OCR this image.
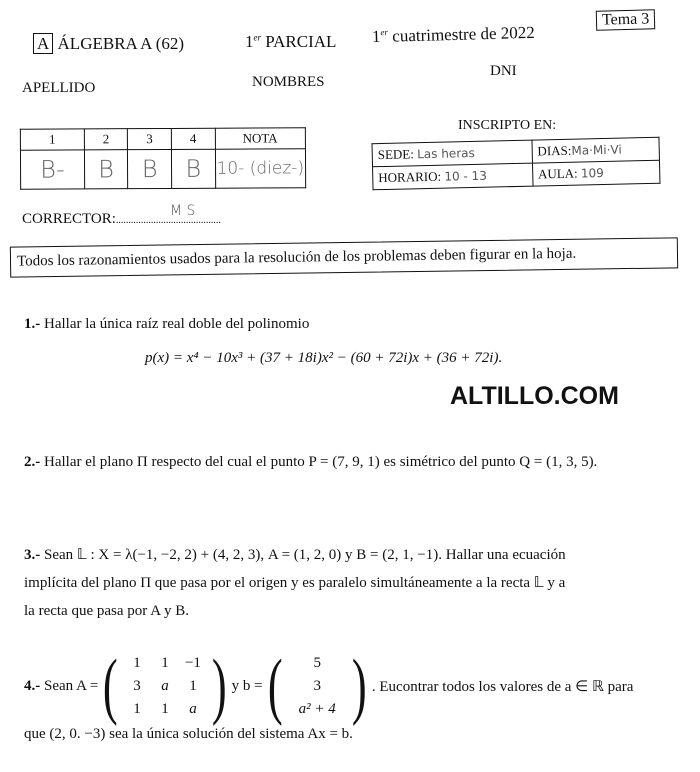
A ÁLGEBRA A (62)	1er PARCIAL 1er cuatrimestre de 2022
Tema 3
APELLIDO	NOMBRES
DNI
1	2	3	4	NOTA
B-	B	B	B	10- (diez-)
INSCRIPTO EN:
SEDE: Las heras	DIAS:Ma·Mi·Vi
HORARIO: 10 - 13	AULA: 109
CORRECTOR:..........................................
M S
Todos los razonamientos usados para la resolución de los problemas deben figurar en la hoja.
1.- Hallar la única raíz real doble del polinomio
p(x) = x⁴ − 10x³ + (37 + 18i)x² − (60 + 72i)x + (36 + 72i).
ALTILLO.COM
2.- Hallar el plano Π respecto del cual el punto P = (7, 9, 1) es simétrico del punto Q = (1, 3, 5).
3.- Sean 𝕃 : X = λ(−1, −2, 2) + (4, 2, 3), A = (1, 2, 0) y B = (2, 1, −1). Hallar una ecuación
implícita del plano Π que pasa por el origen y es paralelo simultáneamente a la recta 𝕃 y a
la recta que pasa por A y B.
4.-
Sean A = (	1	1	−1
3	a	1
1	1	a ) y b = (	5
3
a² + 4 ) . Eucontrar todos los valores de a ∈ ℝ para
que (2, 0. −3) sea la única solución del sistema Ax = b.
